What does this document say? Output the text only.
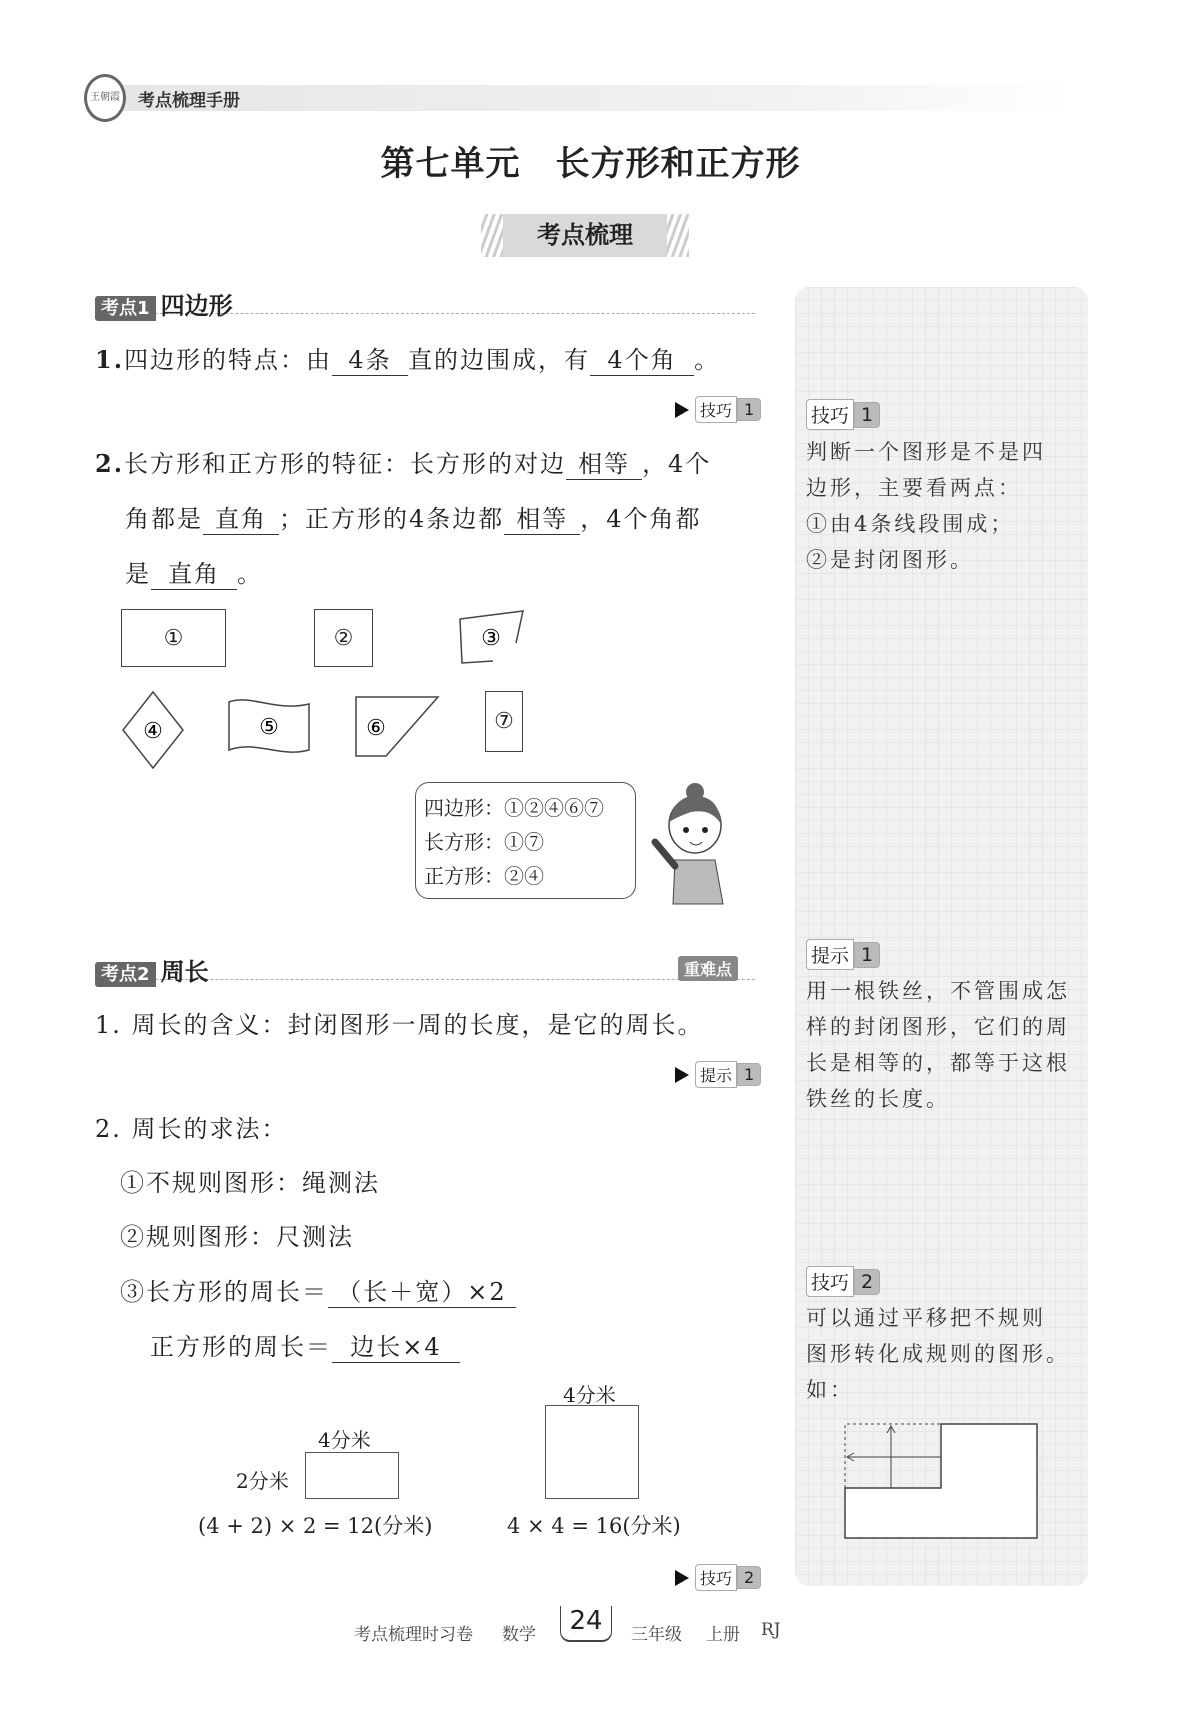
王朝霞	考点梳理手册
第七单元　长方形和正方形
考点梳理
考点1 四边形
1.四边形的特点：由 4条 直的边围成，有 4个角 。
技巧 1
2.长方形和正方形的特征：长方形的对边 相等 ，4个
角都是 直角 ；正方形的4条边都 相等 ，4个角都
是 直角 。
①	②	③
④	⑤	⑥	⑦
四边形：①②④⑥⑦
长方形：①⑦
正方形：②④
考点2 周长	重难点
1. 周长的含义：封闭图形一周的长度，是它的周长。
提示 1
2. 周长的求法：
①不规则图形：绳测法
②规则图形：尺测法
③长方形的周长＝ （长＋宽）×2
正方形的周长＝ 边长×4
4分米
2分米
(4 + 2) × 2 = 12(分米)
4分米
4 × 4 = 16(分米)
技巧 2
技巧 1
判断一个图形是不是四
边形，主要看两点：
①由4条线段围成；
②是封闭图形。
提示 1
用一根铁丝，不管围成怎
样的封闭图形，它们的周
长是相等的，都等于这根
铁丝的长度。
技巧 2
可以通过平移把不规则
图形转化成规则的图形。
如：
考点梳理时习卷 数学	24	三年级 上册 RJ
